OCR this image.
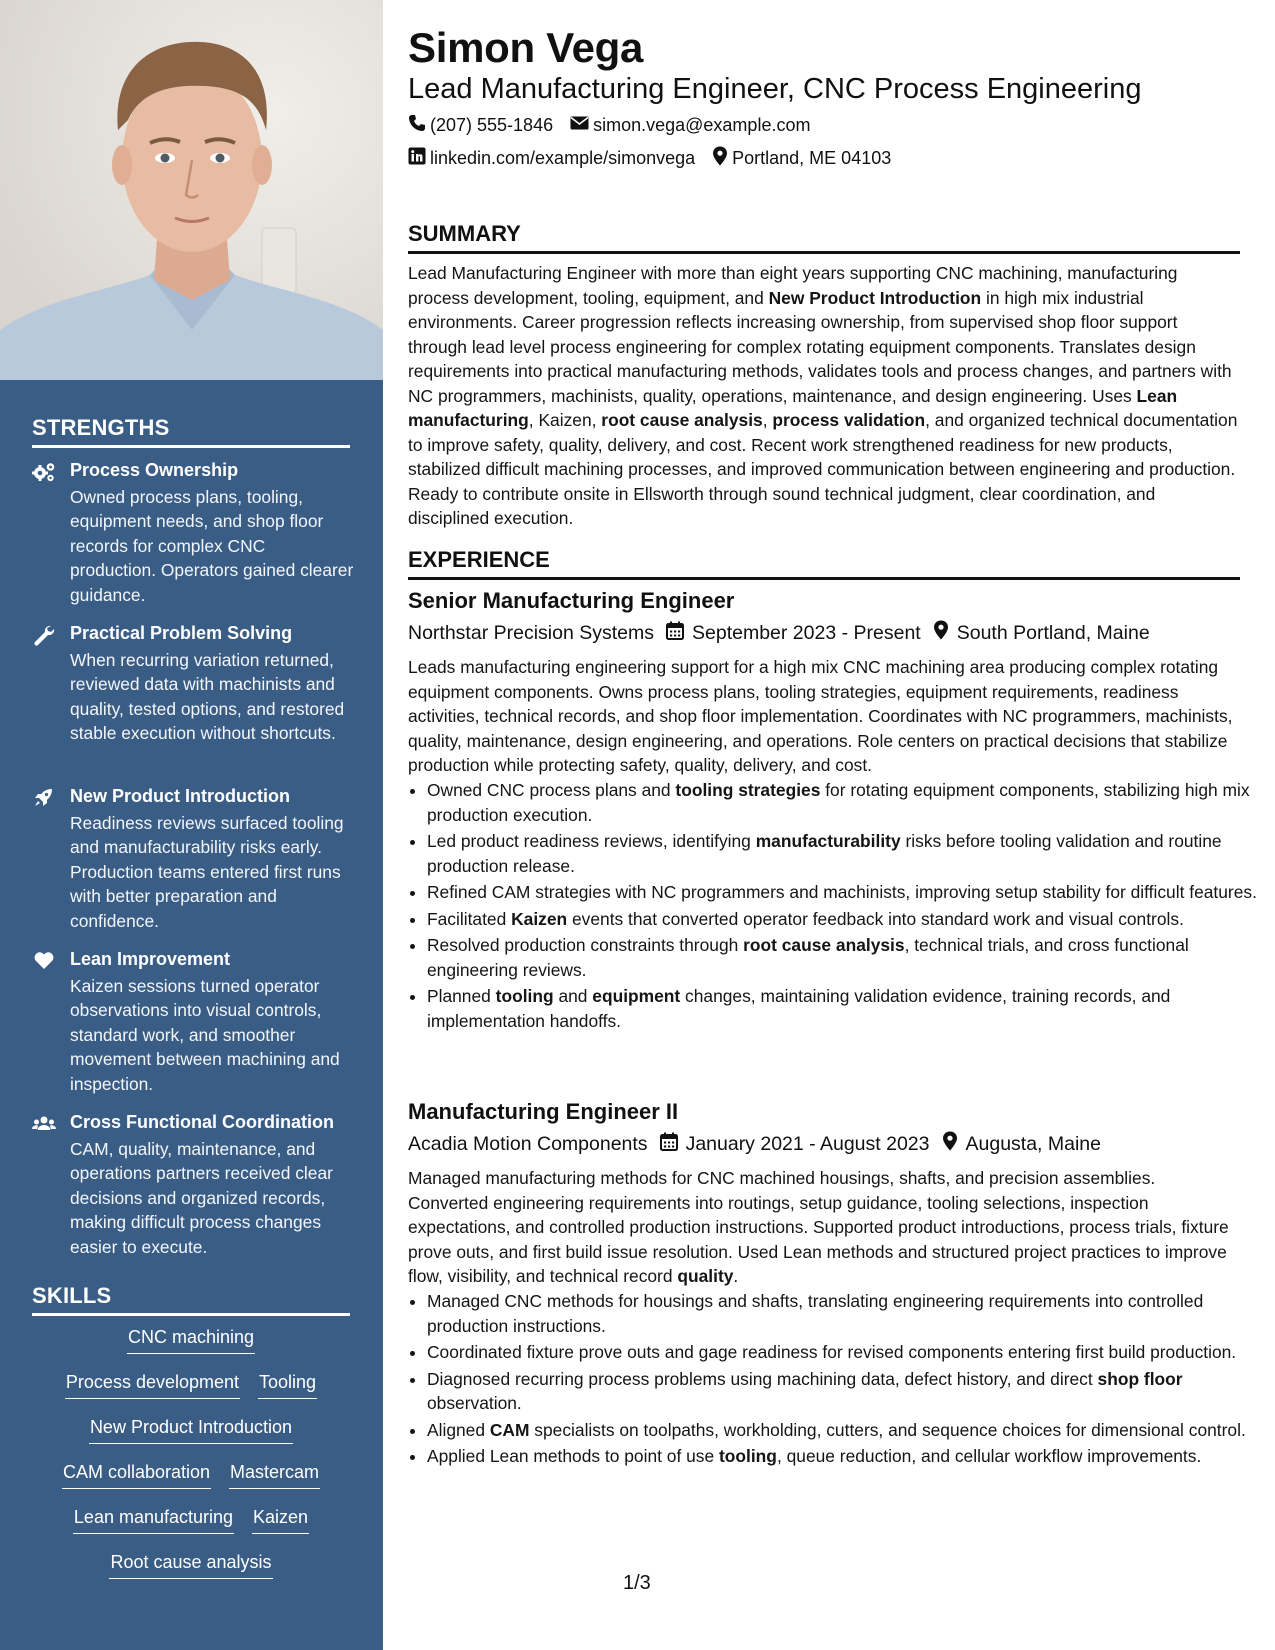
STRENGTHS
Process Ownership
Owned process plans, tooling, equipment needs, and shop floor records for complex CNC production. Operators gained clearer guidance.
Practical Problem Solving
When recurring variation returned, reviewed data with machinists and quality, tested options, and restored stable execution without shortcuts.
New Product Introduction
Readiness reviews surfaced tooling and manufacturability risks early. Production teams entered first runs with better preparation and confidence.
Lean Improvement
Kaizen sessions turned operator observations into visual controls, standard work, and smoother movement between machining and inspection.
Cross Functional Coordination
CAM, quality, maintenance, and operations partners received clear decisions and organized records, making difficult process changes easier to execute.
SKILLS
CNC machining
Process development Tooling
New Product Introduction
CAM collaboration Mastercam
Lean manufacturing Kaizen
Root cause analysis
Simon Vega
Lead Manufacturing Engineer, CNC Process Engineering
(207) 555-1846 simon.vega@example.com
linkedin.com/example/simonvega Portland, ME 04103
SUMMARY
Lead Manufacturing Engineer with more than eight years supporting CNC machining, manufacturing process development, tooling, equipment, and New Product Introduction in high mix industrial environments. Career progression reflects increasing ownership, from supervised shop floor support through lead level process engineering for complex rotating equipment components. Translates design requirements into practical manufacturing methods, validates tools and process changes, and partners with NC programmers, machinists, quality, operations, maintenance, and design engineering. Uses Lean manufacturing, Kaizen, root cause analysis, process validation, and organized technical documentation to improve safety, quality, delivery, and cost. Recent work strengthened readiness for new products, stabilized difficult machining processes, and improved communication between engineering and production. Ready to contribute onsite in Ellsworth through sound technical judgment, clear coordination, and disciplined execution.
EXPERIENCE
Senior Manufacturing Engineer
Northstar Precision Systems September 2023 - Present South Portland, Maine
Leads manufacturing engineering support for a high mix CNC machining area producing complex rotating equipment components. Owns process plans, tooling strategies, equipment requirements, readiness activities, technical records, and shop floor implementation. Coordinates with NC programmers, machinists, quality, maintenance, design engineering, and operations. Role centers on practical decisions that stabilize production while protecting safety, quality, delivery, and cost.
• Owned CNC process plans and tooling strategies for rotating equipment components, stabilizing high mix production execution.
• Led product readiness reviews, identifying manufacturability risks before tooling validation and routine production release.
• Refined CAM strategies with NC programmers and machinists, improving setup stability for difficult features.
• Facilitated Kaizen events that converted operator feedback into standard work and visual controls.
• Resolved production constraints through root cause analysis, technical trials, and cross functional engineering reviews.
• Planned tooling and equipment changes, maintaining validation evidence, training records, and implementation handoffs.
Manufacturing Engineer II
Acadia Motion Components January 2021 - August 2023 Augusta, Maine
Managed manufacturing methods for CNC machined housings, shafts, and precision assemblies. Converted engineering requirements into routings, setup guidance, tooling selections, inspection expectations, and controlled production instructions. Supported product introductions, process trials, fixture prove outs, and first build issue resolution. Used Lean methods and structured project practices to improve flow, visibility, and technical record quality.
• Managed CNC methods for housings and shafts, translating engineering requirements into controlled production instructions.
• Coordinated fixture prove outs and gage readiness for revised components entering first build production.
• Diagnosed recurring process problems using machining data, defect history, and direct shop floor observation.
• Aligned CAM specialists on toolpaths, workholding, cutters, and sequence choices for dimensional control.
• Applied Lean methods to point of use tooling, queue reduction, and cellular workflow improvements.
1/3
